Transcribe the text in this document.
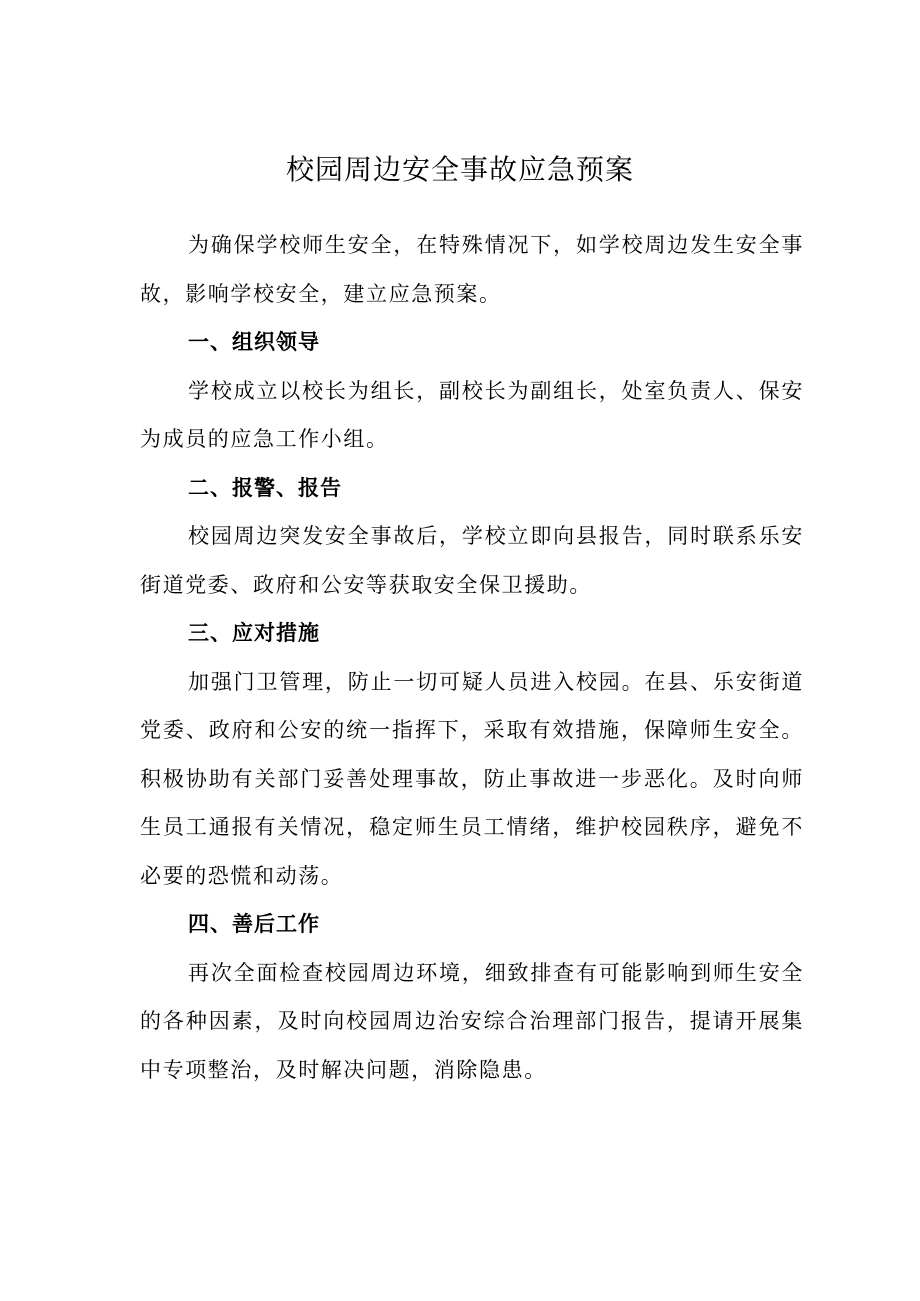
校园周边安全事故应急预案

为确保学校师生安全，在特殊情况下，如学校周边发生安全事故，影响学校安全，建立应急预案。

一、组织领导

学校成立以校长为组长，副校长为副组长，处室负责人、保安为成员的应急工作小组。

二、报警、报告

校园周边突发安全事故后，学校立即向县报告，同时联系乐安街道党委、政府和公安等获取安全保卫援助。

三、应对措施

加强门卫管理，防止一切可疑人员进入校园。在县、乐安街道党委、政府和公安的统一指挥下，采取有效措施，保障师生安全。积极协助有关部门妥善处理事故，防止事故进一步恶化。及时向师生员工通报有关情况，稳定师生员工情绪，维护校园秩序，避免不必要的恐慌和动荡。

四、善后工作

再次全面检查校园周边环境，细致排查有可能影响到师生安全的各种因素，及时向校园周边治安综合治理部门报告，提请开展集中专项整治，及时解决问题，消除隐患。
